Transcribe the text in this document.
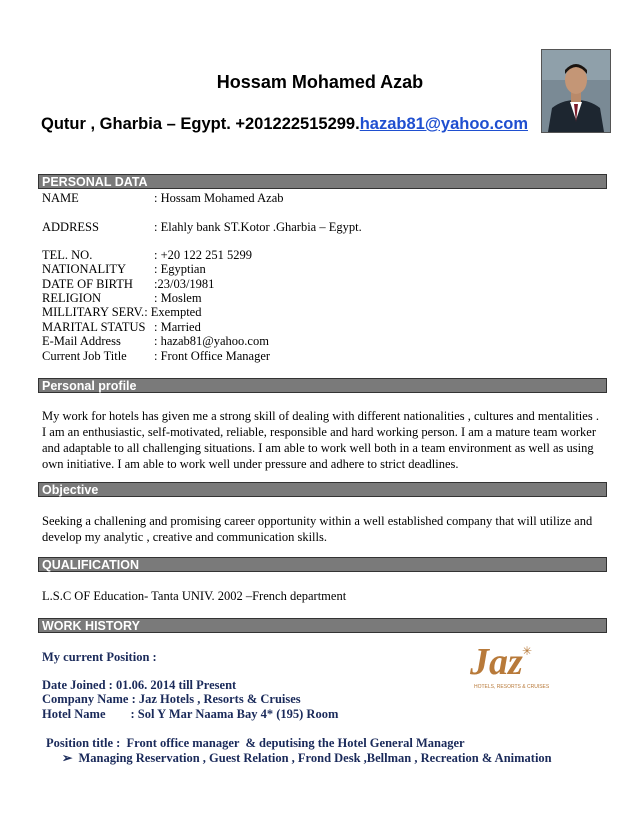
Hossam Mohamed Azab
Qutur , Gharbia – Egypt. +201222515299.hazab81@yahoo.com
PERSONAL DATA
NAME	: Hossam Mohamed Azab
ADDRESS	: Elahly bank ST.Kotor .Gharbia – Egypt.
TEL. NO.	: +20 122 251 5299
NATIONALITY : Egyptian
DATE OF BIRTH :23/03/1981
RELIGION	: Moslem
MILLITARY SERV.: Exempted
MARITAL STATUS : Married
E-Mail Address	: hazab81@yahoo.com
Current Job Title : Front Office Manager
Personal profile
My work for hotels has given me a strong skill of dealing with different nationalities , cultures and mentalities . I am an enthusiastic, self-motivated, reliable, responsible and hard working person. I am a mature team worker and adaptable to all challenging situations. I am able to work well both in a team environment as well as using own initiative. I am able to work well under pressure and adhere to strict deadlines.
Objective
Seeking a challening and promising career opportunity within a well established company that will utilize and develop my analytic , creative and communication skills.
QUALIFICATION
L.S.C OF Education- Tanta UNIV. 2002 –French department
WORK HISTORY
My current Position :
Date Joined : 01.06. 2014 till Present
Company Name : Jaz Hotels , Resorts & Cruises
Hotel Name        : Sol Y Mar Naama Bay 4* (195) Room
Position title :  Front office manager  & deputising the Hotel General Manager
➢ Managing Reservation , Guest Relation , Frond Desk ,Bellman , Recreation & Animation
Jaz ✳
HOTELS, RESORTS & CRUISES
